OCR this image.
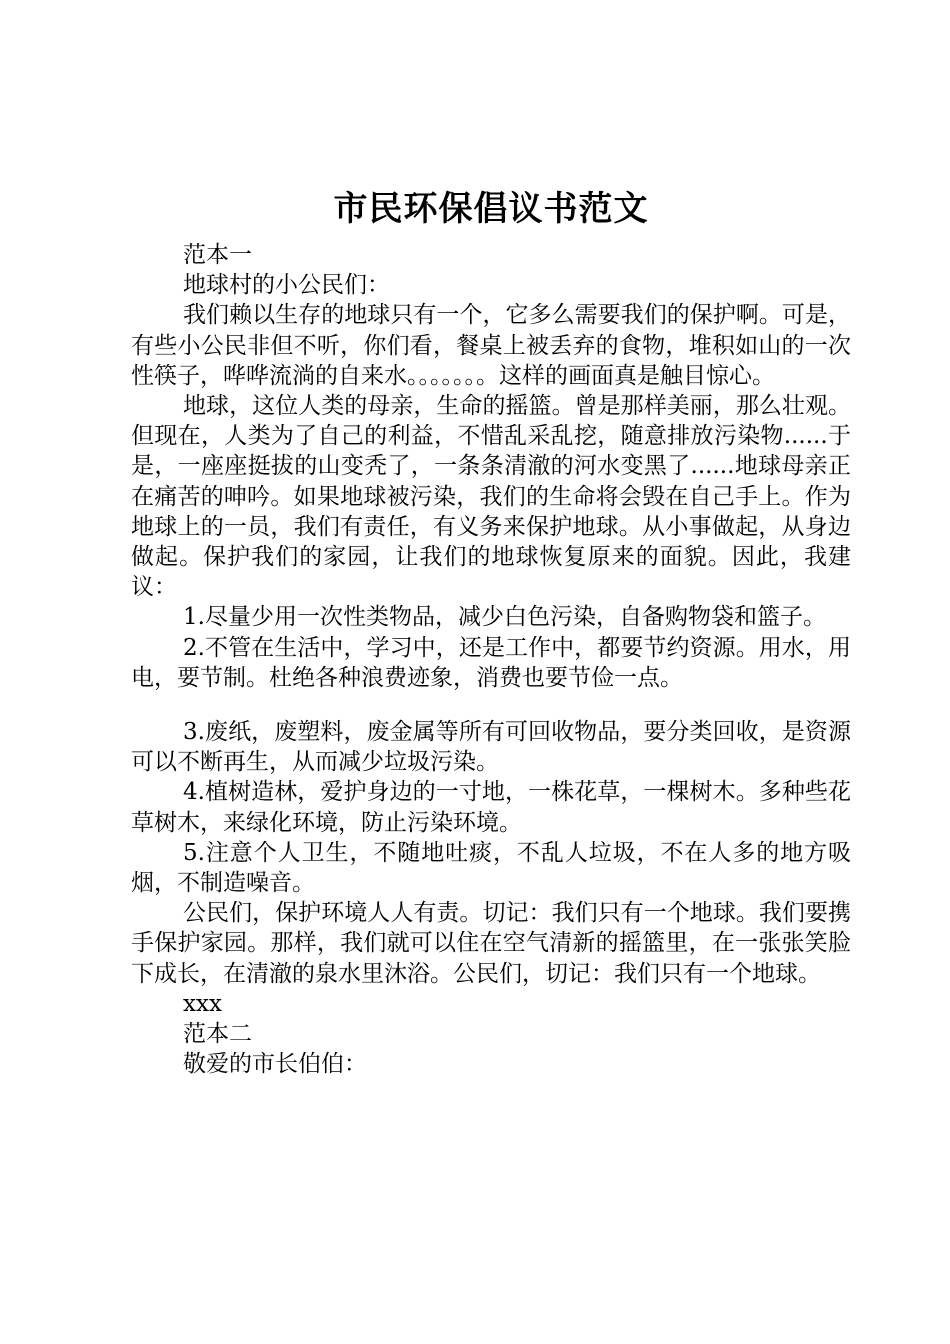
市民环保倡议书范文

范本一

地球村的小公民们：

我们赖以生存的地球只有一个，它多么需要我们的保护啊。可是，有些小公民非但不听，你们看，餐桌上被丢弃的食物，堆积如山的一次性筷子，哗哗流淌的自来水。。。。。。。这样的画面真是触目惊心。

地球，这位人类的母亲，生命的摇篮。曾是那样美丽，那么壮观。但现在，人类为了自己的利益，不惜乱采乱挖，随意排放污染物......于是，一座座挺拔的山变秃了，一条条清澈的河水变黑了......地球母亲正在痛苦的呻吟。如果地球被污染，我们的生命将会毁在自己手上。作为地球上的一员，我们有责任，有义务来保护地球。从小事做起，从身边做起。保护我们的家园，让我们的地球恢复原来的面貌。因此，我建议：

1.尽量少用一次性类物品，减少白色污染，自备购物袋和篮子。

2.不管在生活中，学习中，还是工作中，都要节约资源。用水，用电，要节制。杜绝各种浪费迹象，消费也要节俭一点。

3.废纸，废塑料，废金属等所有可回收物品，要分类回收，是资源可以不断再生，从而减少垃圾污染。

4.植树造林，爱护身边的一寸地，一株花草，一棵树木。多种些花草树木，来绿化环境，防止污染环境。

5.注意个人卫生，不随地吐痰，不乱人垃圾，不在人多的地方吸烟，不制造噪音。

公民们，保护环境人人有责。切记：我们只有一个地球。我们要携手保护家园。那样，我们就可以住在空气清新的摇篮里，在一张张笑脸下成长，在清澈的泉水里沐浴。公民们，切记：我们只有一个地球。

xxx

范本二

敬爱的市长伯伯：
